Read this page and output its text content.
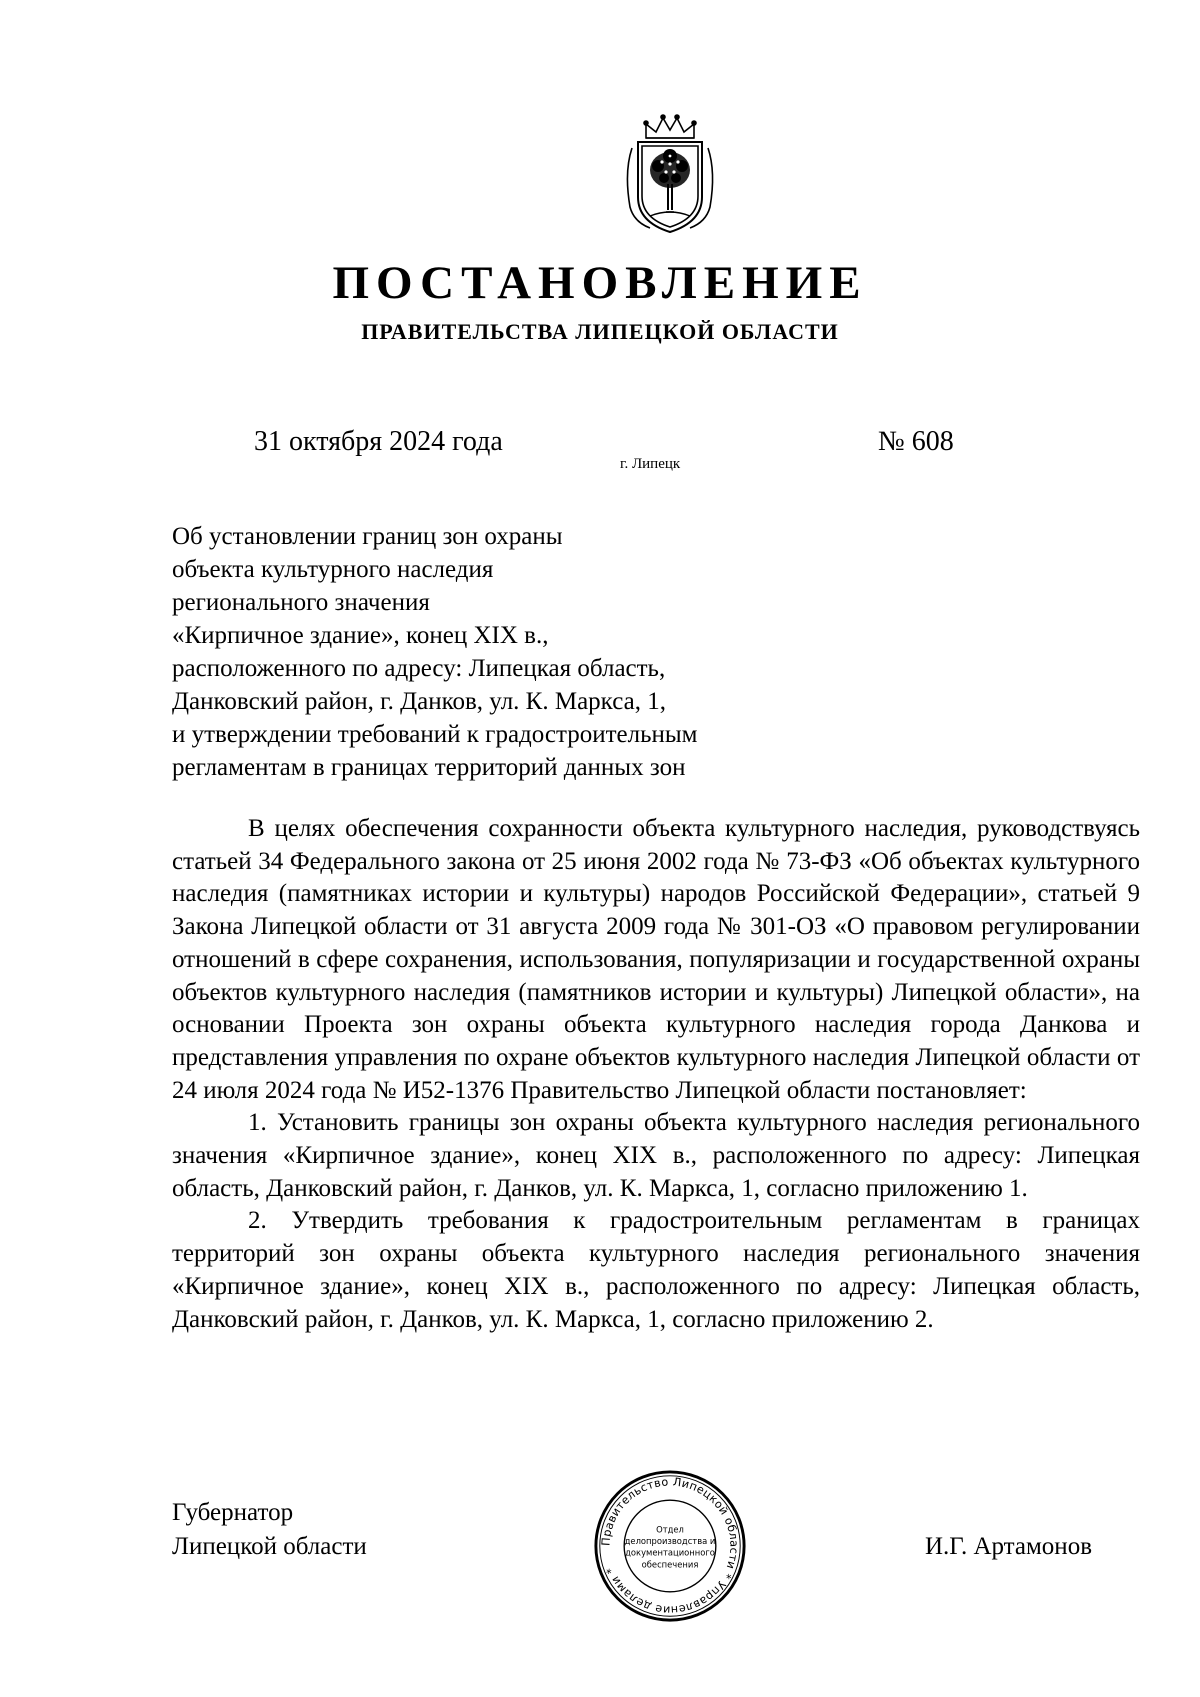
ПОСТАНОВЛЕНИЕ
ПРАВИТЕЛЬСТВА ЛИПЕЦКОЙ ОБЛАСТИ
31 октября 2024 года
г. Липецк
№ 608
Об установлении границ зон охраны
объекта культурного наследия
регионального значения
«Кирпичное здание», конец XIX в.,
расположенного по адресу: Липецкая область,
Данковский район, г. Данков, ул. К. Маркса, 1,
и утверждении требований к градостроительным
регламентам в границах территорий данных зон

В целях обеспечения сохранности объекта культурного наследия, руководствуясь статьей 34 Федерального закона от 25 июня 2002 года № 73-ФЗ «Об объектах культурного наследия (памятниках истории и культуры) народов Российской Федерации», статьей 9 Закона Липецкой области от 31 августа 2009 года № 301-ОЗ «О правовом регулировании отношений в сфере сохранения, использования, популяризации и государственной охраны объектов культурного наследия (памятников истории и культуры) Липецкой области», на основании Проекта зон охраны объекта культурного наследия города Данкова и представления управления по охране объектов культурного наследия Липецкой области от 24 июля 2024 года № И52-1376 Правительство Липецкой области постановляет:

1. Установить границы зон охраны объекта культурного наследия регионального значения «Кирпичное здание», конец XIX в., расположенного по адресу: Липецкая область, Данковский район, г. Данков, ул. К. Маркса, 1, согласно приложению 1.

2. Утвердить требования к градостроительным регламентам в границах территорий зон охраны объекта культурного наследия регионального значения «Кирпичное здание», конец XIX в., расположенного по адресу: Липецкая область, Данковский район, г. Данков, ул. К. Маркса, 1, согласно приложению 2.

Губернатор
Липецкой области	И.Г. Артамонов
Правительство Липецкой области * Управление делами *
Отдел
делопроизводства и
документационного
обеспечения
